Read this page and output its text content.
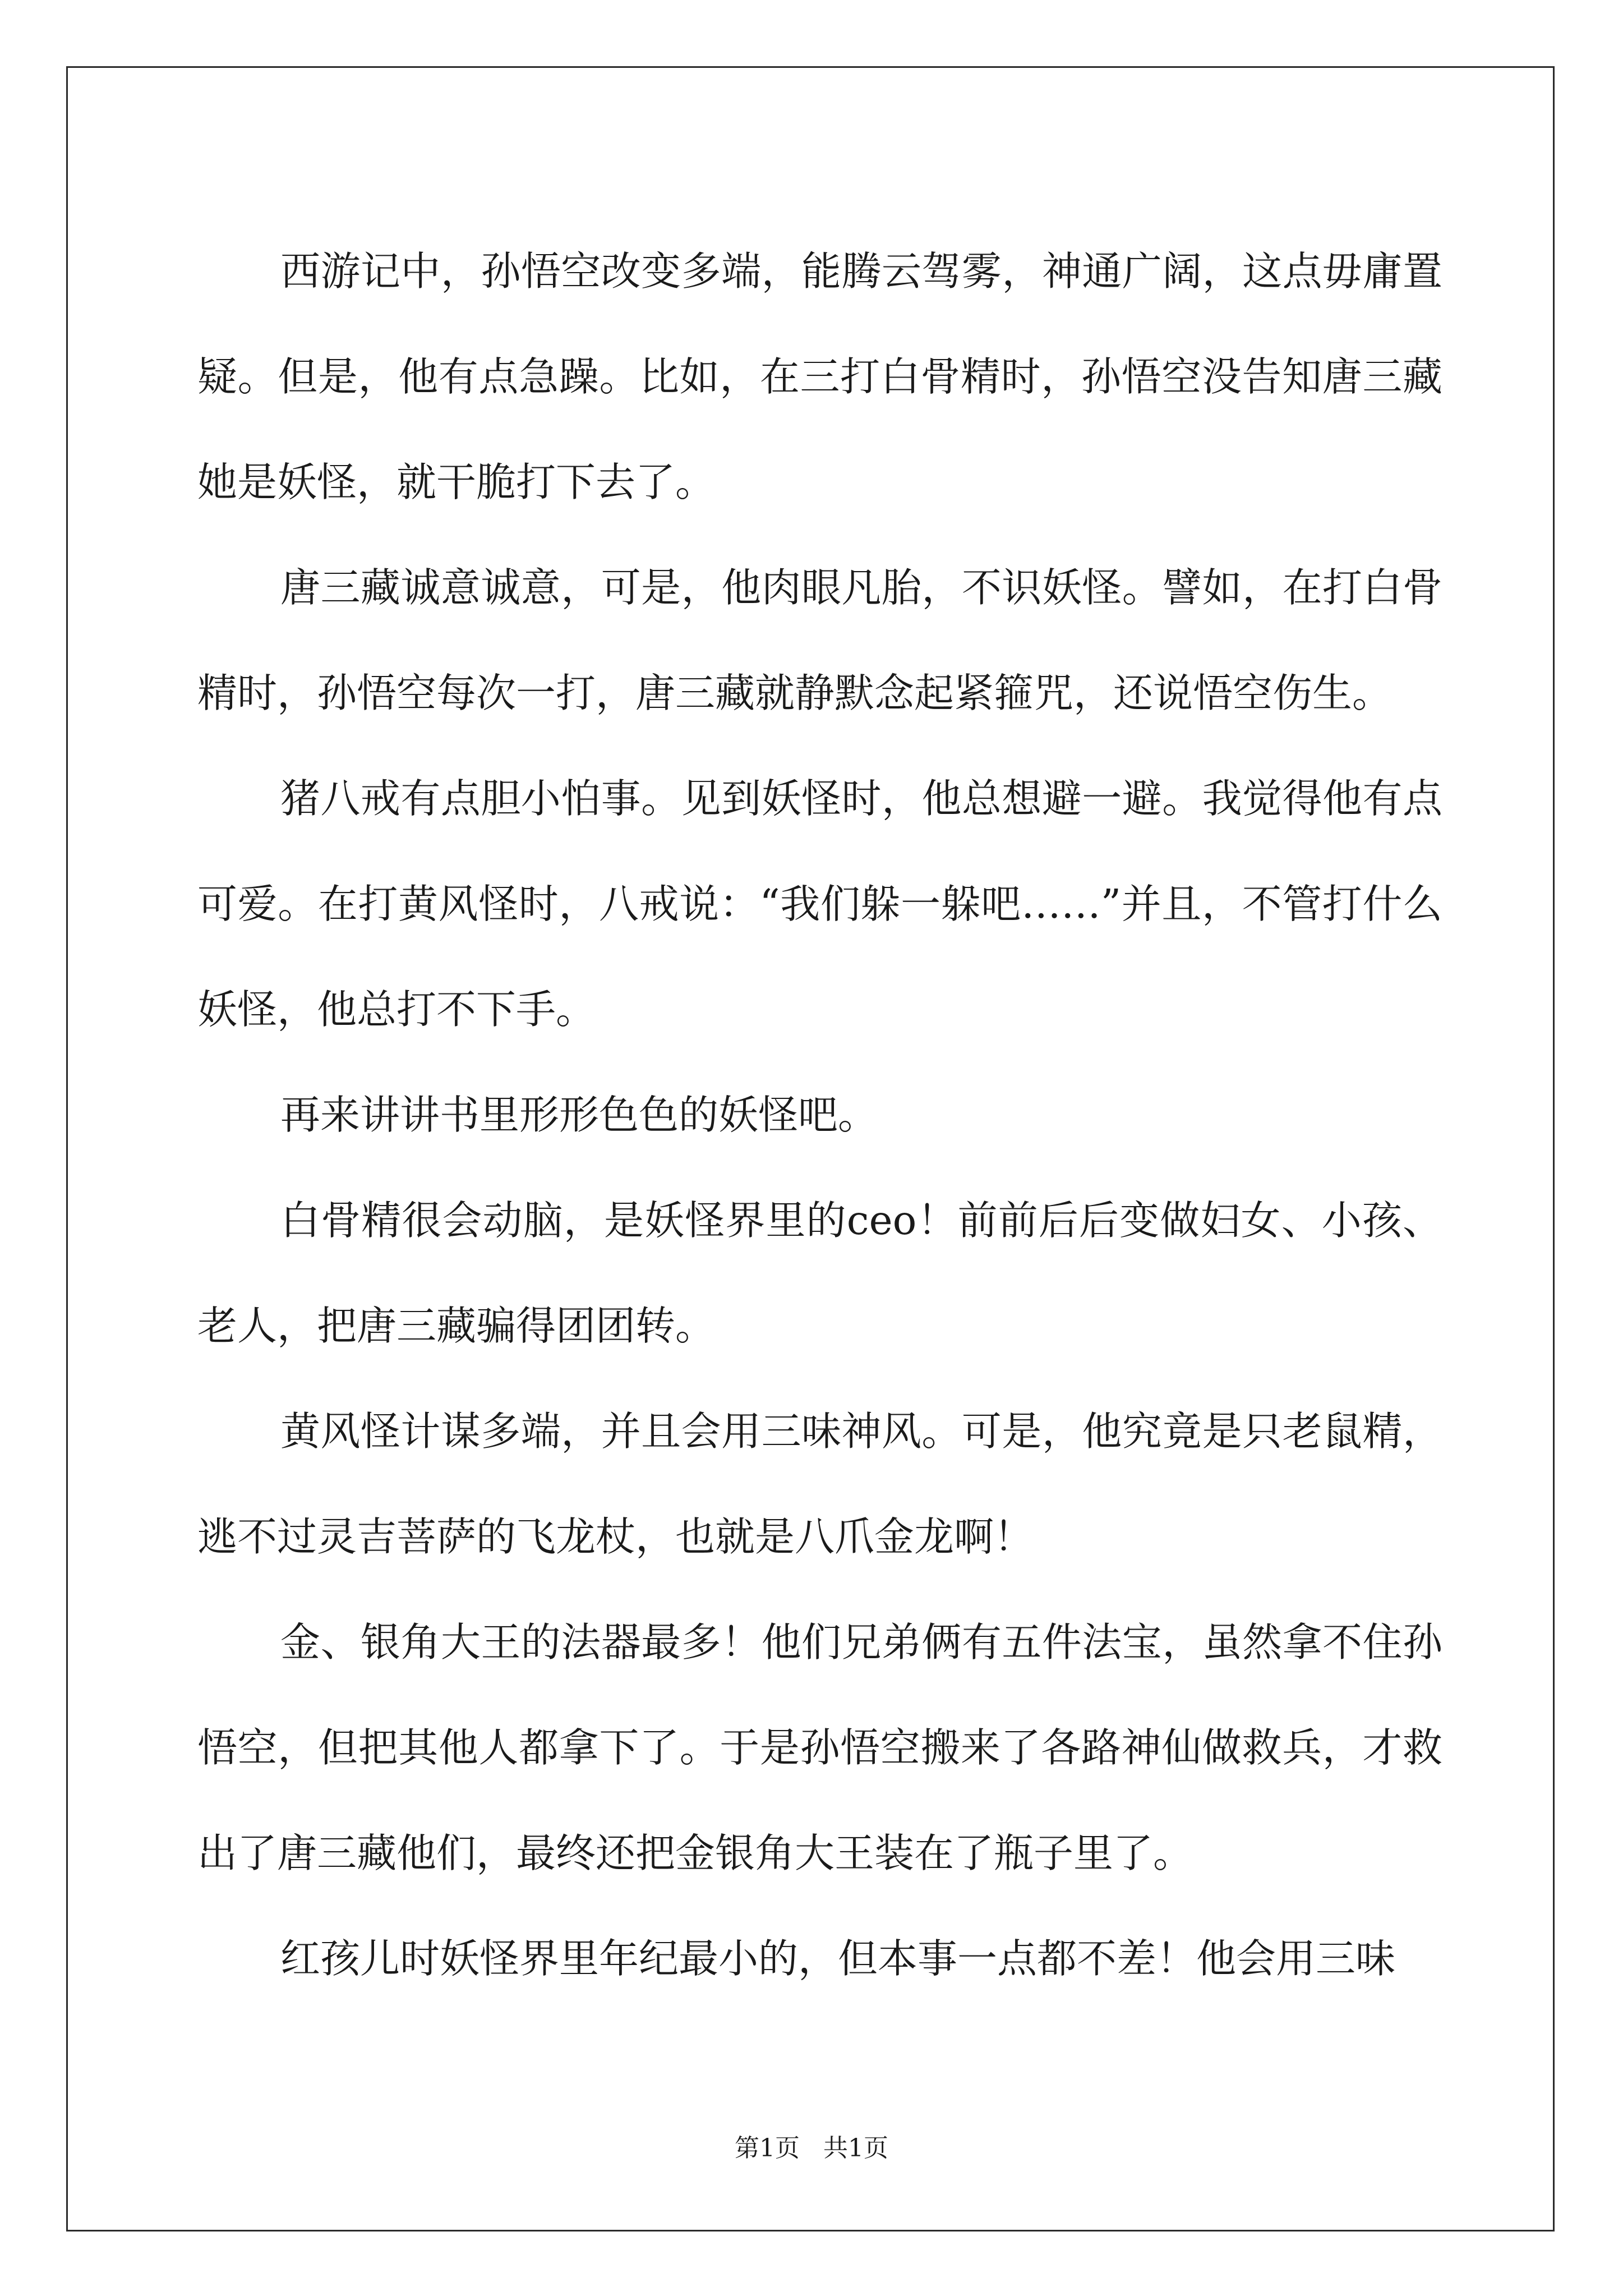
西游记中，孙悟空改变多端，能腾云驾雾，神通广阔，这点毋庸置疑。但是，他有点急躁。比如，在三打白骨精时，孙悟空没告知唐三藏她是妖怪，就干脆打下去了。

唐三藏诚意诚意，可是，他肉眼凡胎，不识妖怪。譬如，在打白骨精时，孙悟空每次一打，唐三藏就静默念起紧箍咒，还说悟空伤生。

猪八戒有点胆小怕事。见到妖怪时，他总想避一避。我觉得他有点可爱。在打黄风怪时，八戒说：“我们躲一躲吧……”并且，不管打什么妖怪，他总打不下手。

再来讲讲书里形形色色的妖怪吧。

白骨精很会动脑，是妖怪界里的ceo！前前后后变做妇女、小孩、老人，把唐三藏骗得团团转。

黄风怪计谋多端，并且会用三味神风。可是，他究竟是只老鼠精，逃不过灵吉菩萨的飞龙杖，也就是八爪金龙啊！

金、银角大王的法器最多！他们兄弟俩有五件法宝，虽然拿不住孙悟空，但把其他人都拿下了。于是孙悟空搬来了各路神仙做救兵，才救出了唐三藏他们，最终还把金银角大王装在了瓶子里了。

红孩儿时妖怪界里年纪最小的，但本事一点都不差！他会用三味

第1页   共1页
